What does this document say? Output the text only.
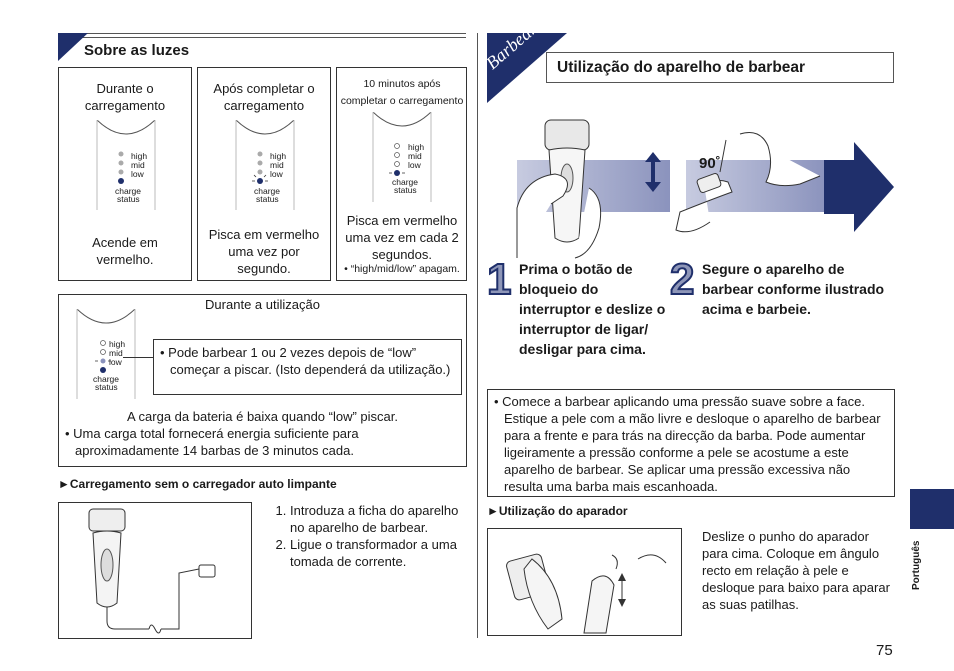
Sobre as luzes
Durante o carregamento
high
mid
low
charge
status
Acende em vermelho.
Após completar o carregamento
high
mid
low
charge
status
Pisca em vermelho uma vez por segundo.
10 minutos após completar o carregamento
high
mid
low
charge
status
Pisca em vermelho uma vez em cada 2 segundos.
• “high/mid/low” apagam.
Durante a utilização
high
mid
low
charge
status
• Pode barbear 1 ou 2 vezes depois de “low” começar a piscar. (Isto dependerá da utilização.)
A carga da bateria é baixa quando “low” piscar.
• Uma carga total fornecerá energia suficiente para aproximadamente 14 barbas de 3 minutos cada.
►Carregamento sem o carregador auto limpante
1. Introduza a ficha do aparelho no aparelho de barbear.
2. Ligue o transformador a uma tomada de corrente.
Barbear Utilização do aparelho de barbear
90˚
1 Prima o botão de bloqueio do interruptor e deslize o interruptor de ligar/ desligar para cima.
2 Segure o aparelho de barbear conforme ilustrado acima e barbeie.
• Comece a barbear aplicando uma pressão suave sobre a face. Estique a pele com a mão livre e desloque o aparelho de barbear para a frente e para trás na direcção da barba. Pode aumentar ligeiramente a pressão conforme a pele se acostume a este aparelho de barbear. Se aplicar uma pressão excessiva não resulta uma barba mais escanhoada.
►Utilização do aparador
Deslize o punho do aparador para cima. Coloque em ângulo recto em relação à pele e desloque para baixo para aparar as suas patilhas.
Português
75
